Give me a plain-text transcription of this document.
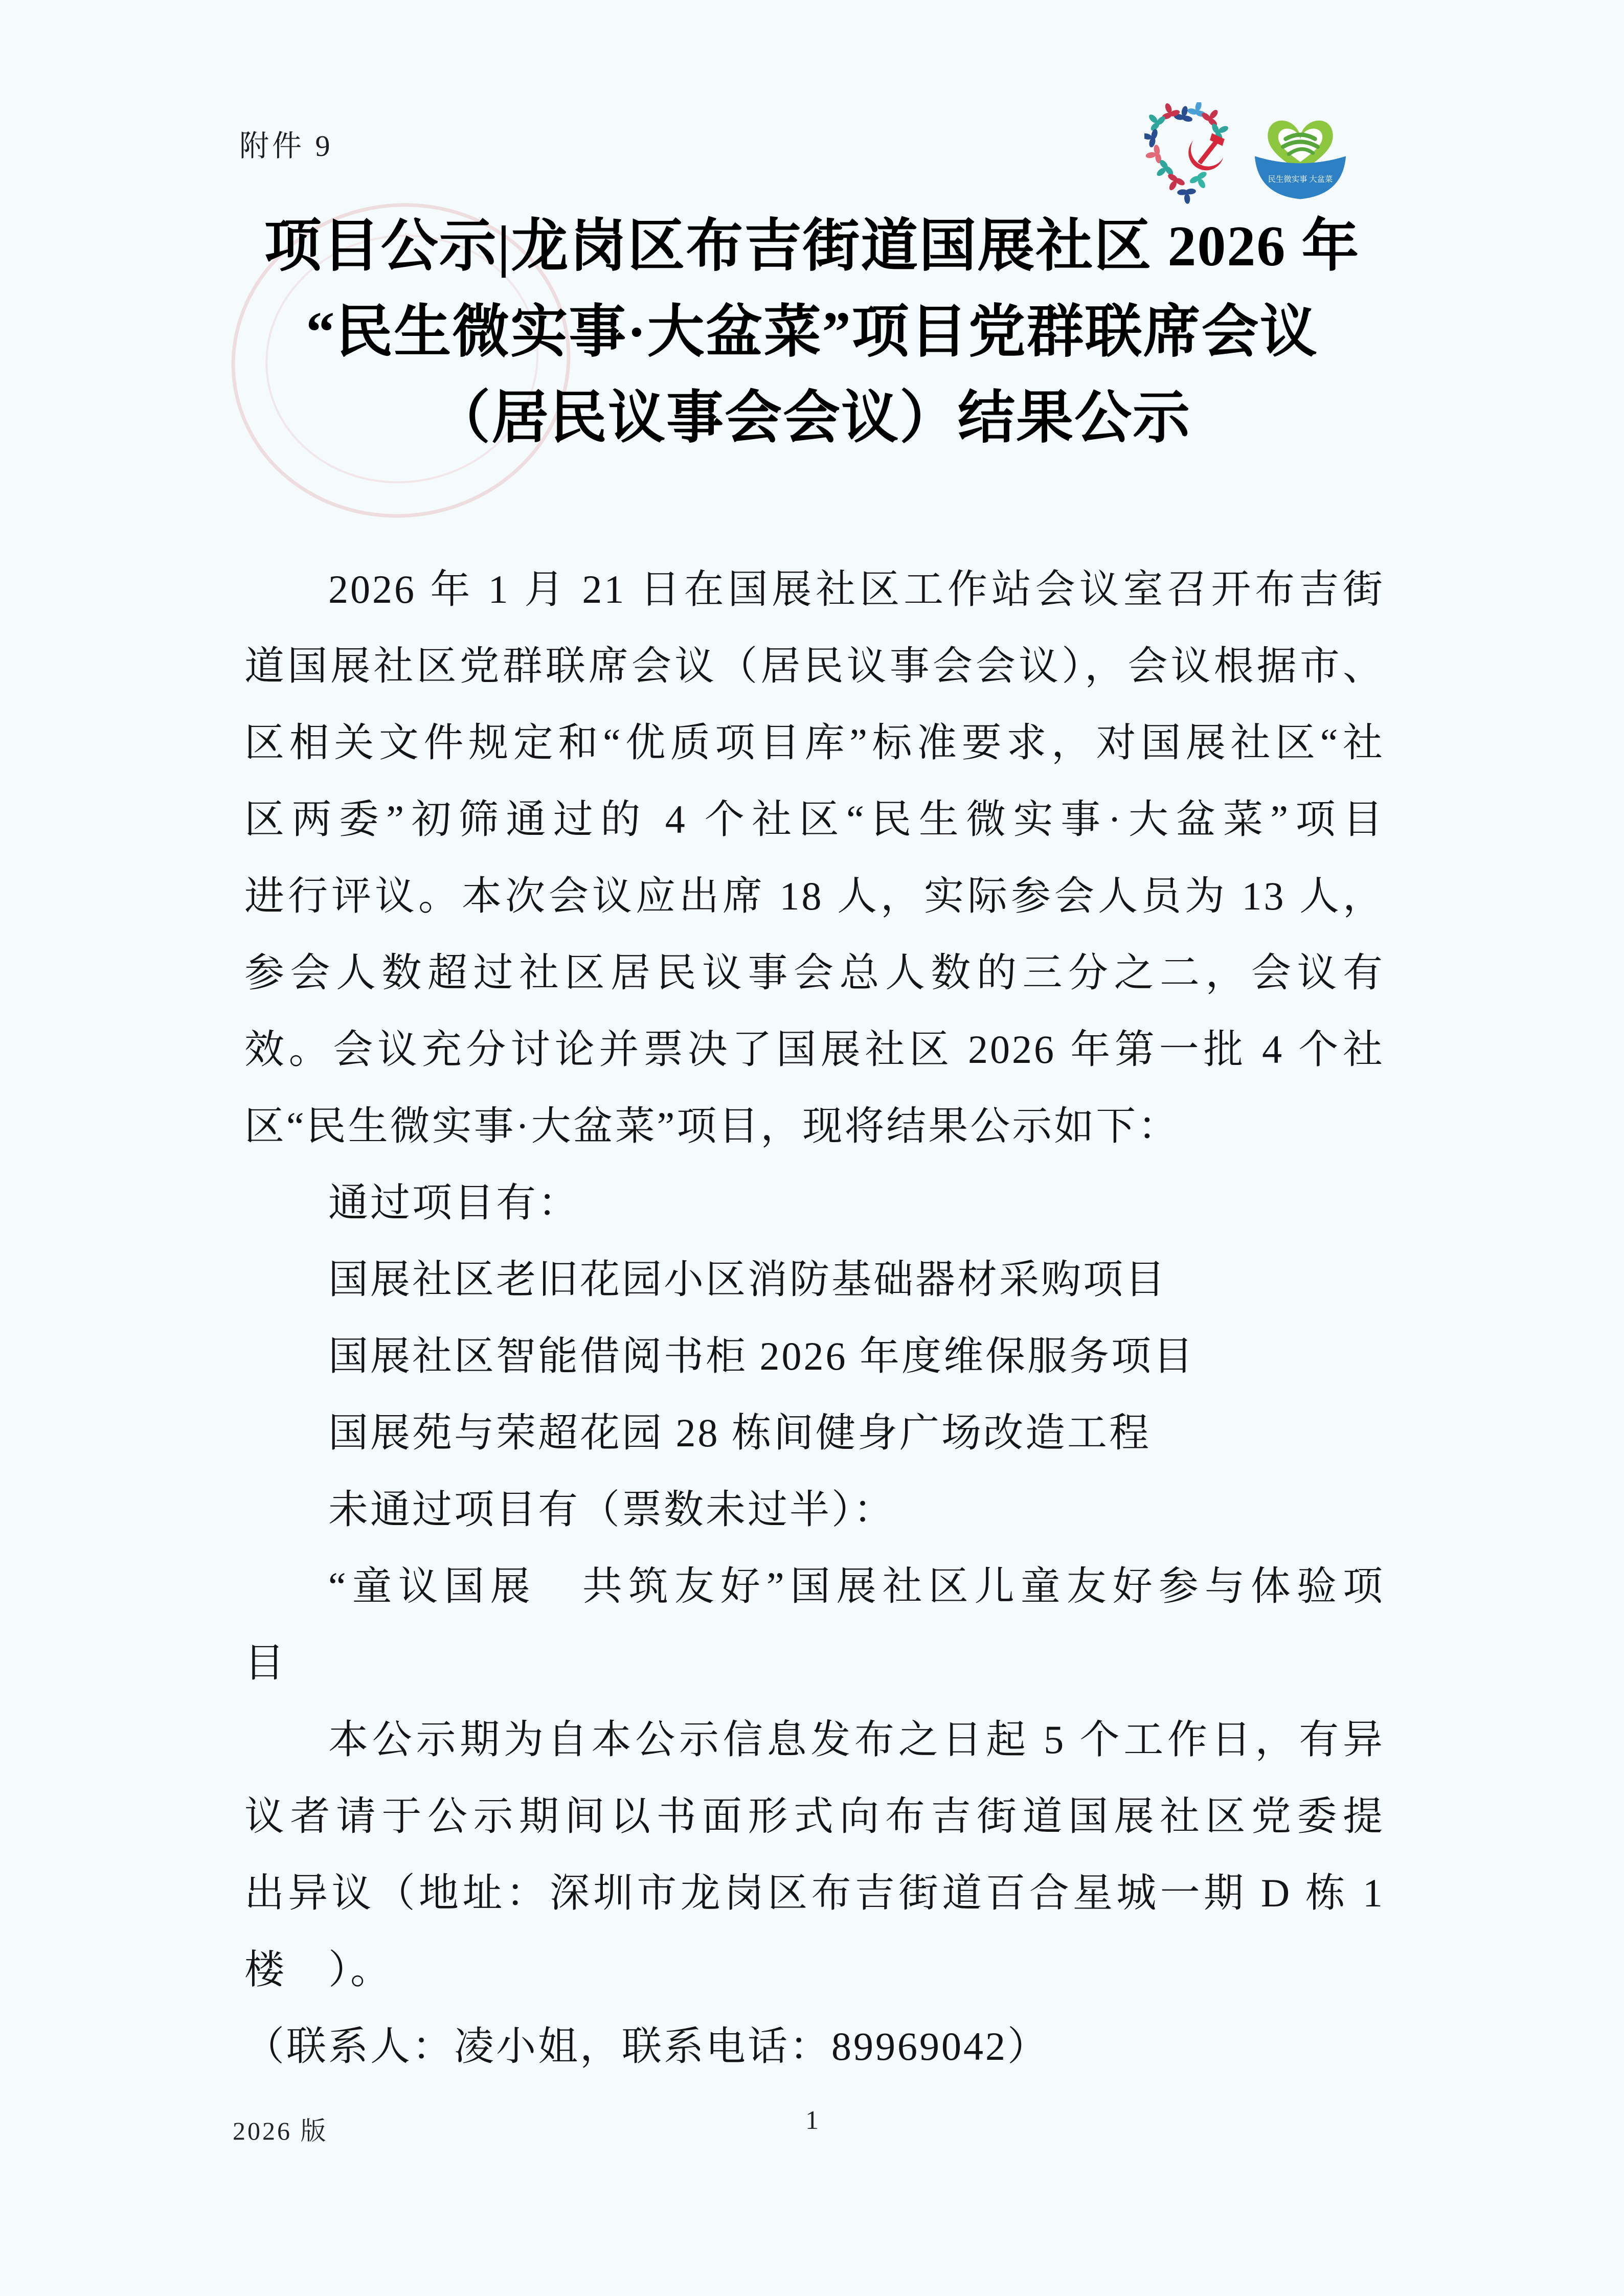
附件 9
民生微实事 大盆菜
项目公示|龙岗区布吉街道国展社区 2026 年
“民生微实事·大盆菜”项目党群联席会议
（居民议事会会议）结果公示
2026 年 1 月 21 日在国展社区工作站会议室召开布吉街
道国展社区党群联席会议（居民议事会会议），会议根据市、
区相关文件规定和“优质项目库”标准要求，对国展社区“社
区两委”初筛通过的 4 个社区“民生微实事·大盆菜”项目
进行评议。本次会议应出席 18 人，实际参会人员为 13 人，
参会人数超过社区居民议事会总人数的三分之二，会议有
效。会议充分讨论并票决了国展社区 2026 年第一批 4 个社
区“民生微实事·大盆菜”项目，现将结果公示如下：
通过项目有：
国展社区老旧花园小区消防基础器材采购项目
国展社区智能借阅书柜 2026 年度维保服务项目
国展苑与荣超花园 28 栋间健身广场改造工程
未通过项目有（票数未过半）：
“童议国展　共筑友好”国展社区儿童友好参与体验项
目
本公示期为自本公示信息发布之日起 5 个工作日，有异
议者请于公示期间以书面形式向布吉街道国展社区党委提
出异议（地址：深圳市龙岗区布吉街道百合星城一期 D 栋 1
楼　）。
（联系人：凌小姐，联系电话：89969042）
2026 版	1
